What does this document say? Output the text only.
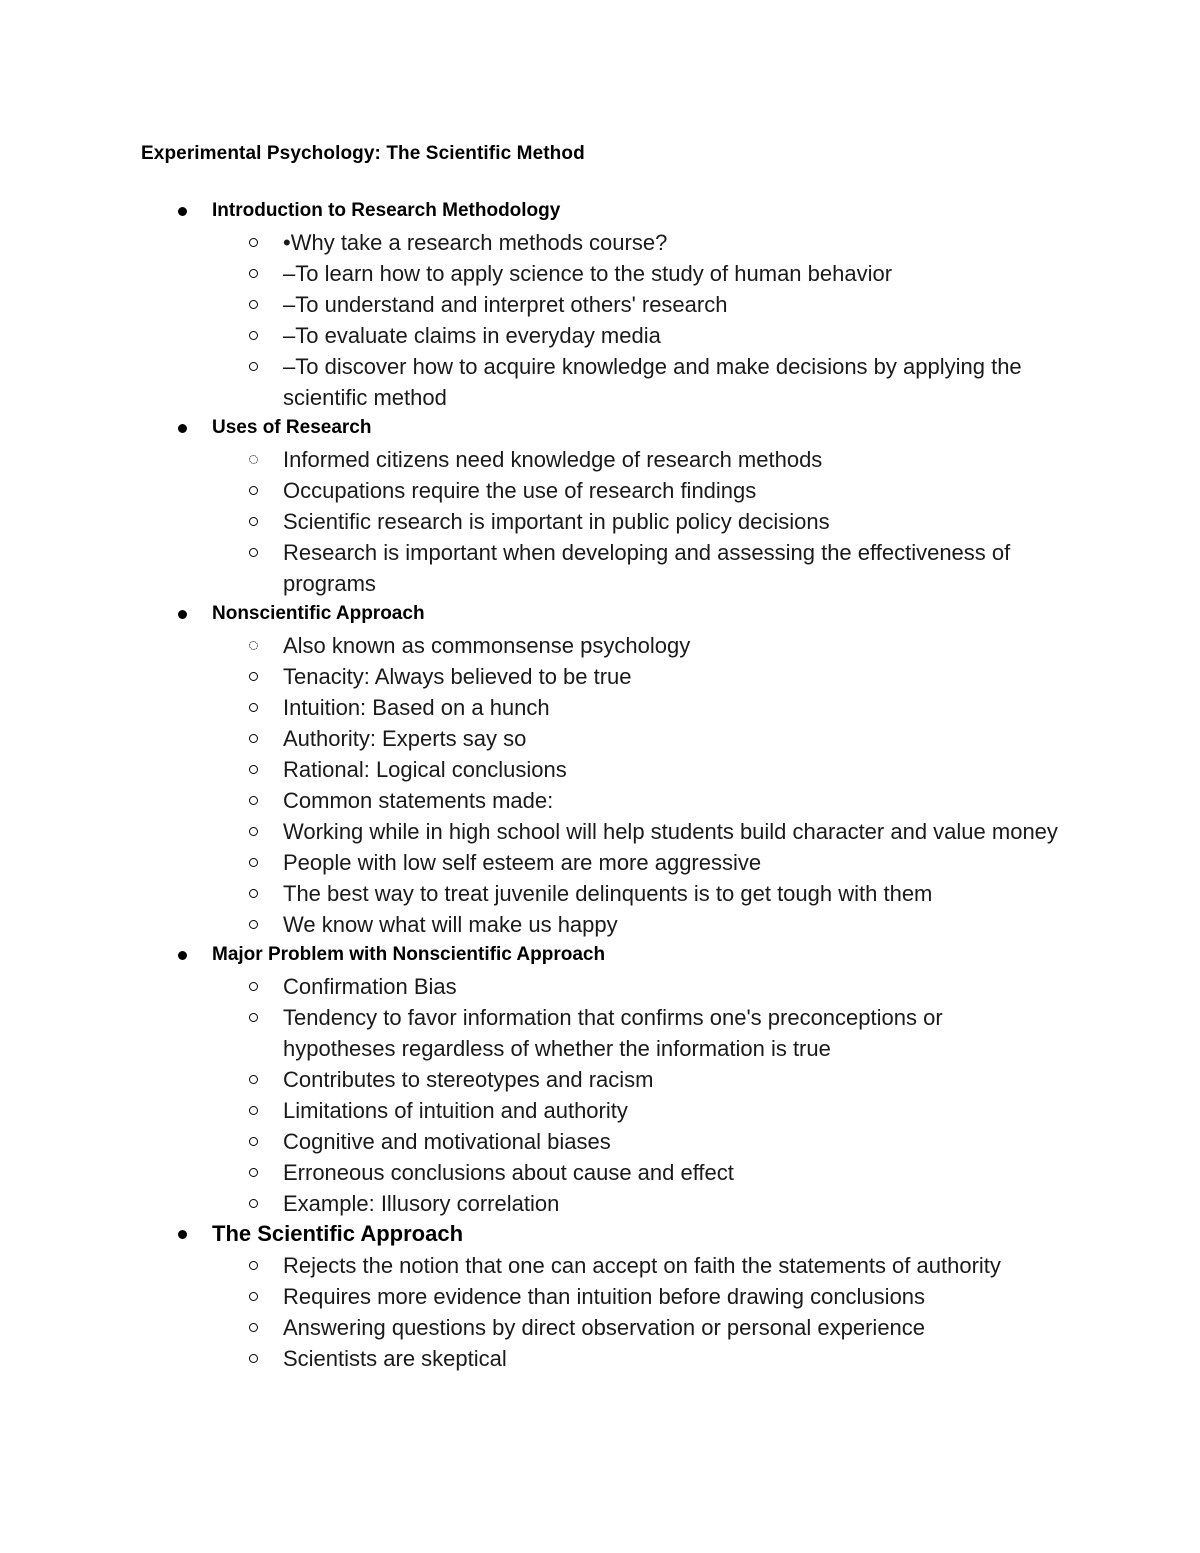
Experimental Psychology: The Scientific Method
Introduction to Research Methodology
•Why take a research methods course?
–To learn how to apply science to the study of human behavior
–To understand and interpret others' research
–To evaluate claims in everyday media
–To discover how to acquire knowledge and make decisions by applying the scientific method
Uses of Research
Informed citizens need knowledge of research methods
Occupations require the use of research findings
Scientific research is important in public policy decisions
Research is important when developing and assessing the effectiveness of programs
Nonscientific Approach
Also known as commonsense psychology
Tenacity: Always believed to be true
Intuition: Based on a hunch
Authority: Experts say so
Rational: Logical conclusions
Common statements made:
Working while in high school will help students build character and value money
People with low self esteem are more aggressive
The best way to treat juvenile delinquents is to get tough with them
We know what will make us happy
Major Problem with Nonscientific Approach
Confirmation Bias
Tendency to favor information that confirms one's preconceptions or hypotheses regardless of whether the information is true
Contributes to stereotypes and racism
Limitations of intuition and authority
Cognitive and motivational biases
Erroneous conclusions about cause and effect
Example: Illusory correlation
The Scientific Approach
Rejects the notion that one can accept on faith the statements of authority
Requires more evidence than intuition before drawing conclusions
Answering questions by direct observation or personal experience
Scientists are skeptical
